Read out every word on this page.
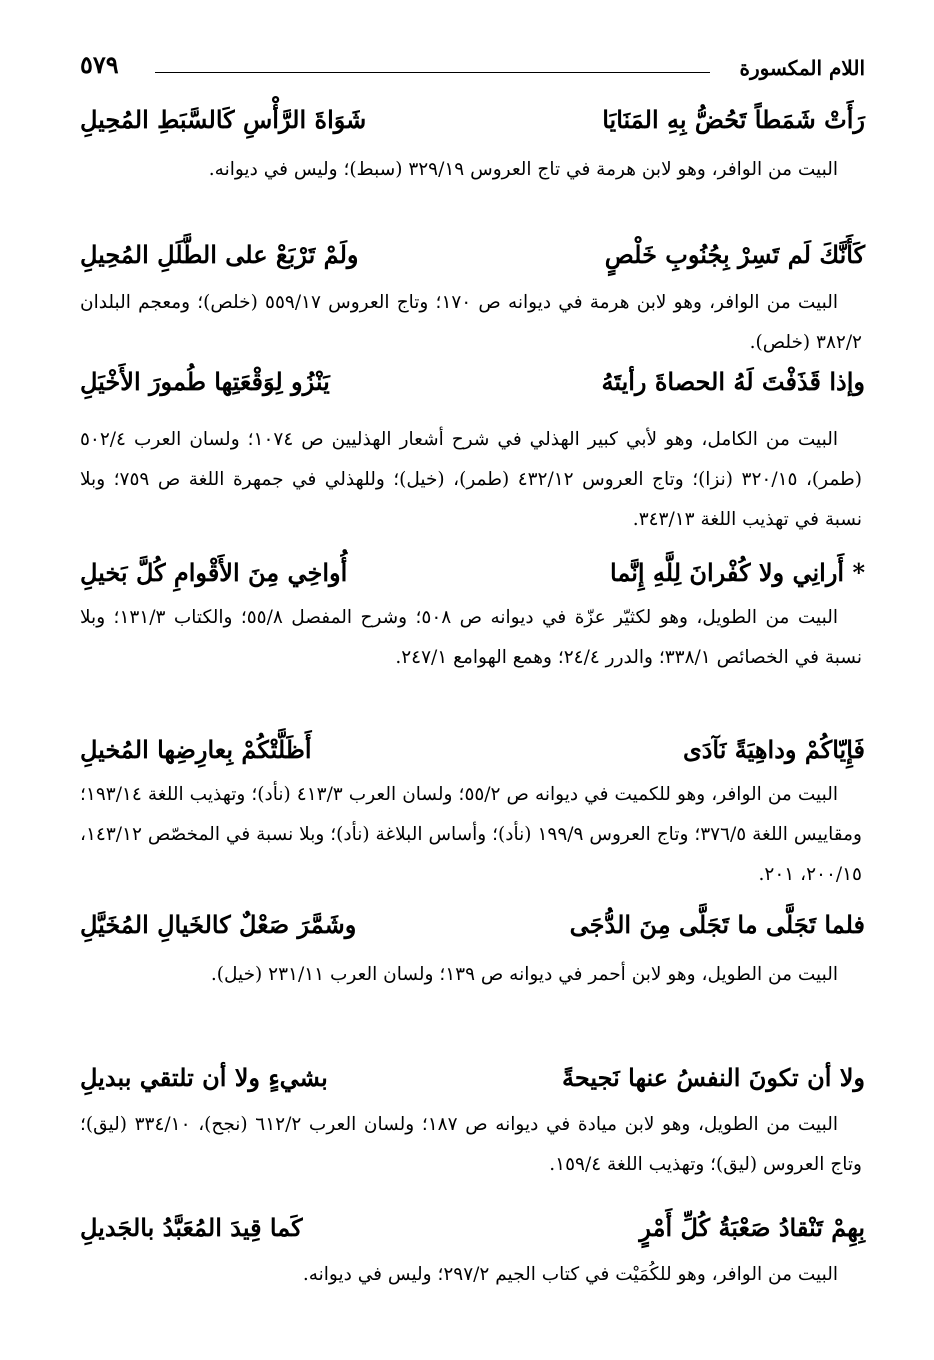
اللام المكسورة
٥٧٩
رَأَتْ شَمَطاً تَحُضُّ بِهِ المَنَايَا
شَوَاةَ الرَّأْسِ كَالسَّبَطِ المُحِيلِ

البيت من الوافر، وهو لابن هرمة في تاج العروس ٣٢٩/١٩ (سبط)؛ وليس في ديوانه.

كَأَنَّكَ لَم تَسِرْ بِجُنُوبِ خَلْصٍ
ولَمْ تَرْبَعْ على الطَّلَلِ المُحِيلِ

البيت من الوافر، وهو لابن هرمة في ديوانه ص ١٧٠؛ وتاج العروس ٥٥٩/١٧ (خلص)؛ ومعجم البلدان ٣٨٢/٢ (خلص).

وإذا قَذَفْتَ لَهُ الحصاةَ رأيتَهُ
يَنْزُو لِوَقْعَتِها طُمورَ الأَخْيَلِ

البيت من الكامل، وهو لأبي كبير الهذلي في شرح أشعار الهذليين ص ١٠٧٤؛ ولسان العرب ٥٠٢/٤ (طمر)، ٣٢٠/١٥ (نزا)؛ وتاج العروس ٤٣٢/١٢ (طمر)، (خيل)؛ وللهذلي في جمهرة اللغة ص ٧٥٩؛ وبلا نسبة في تهذيب اللغة ٣٤٣/١٣.

* أَرانِي ولا كُفْرانَ لِلَّهِ إِنَّما
أُواخِي مِنَ الأَقْوامِ كُلَّ بَخيلِ

البيت من الطويل، وهو لكثيّر عزّة في ديوانه ص ٥٠٨؛ وشرح المفصل ٥٥/٨؛ والكتاب ١٣١/٣؛ وبلا نسبة في الخصائص ٣٣٨/١؛ والدرر ٢٤/٤؛ وهمع الهوامع ٢٤٧/١.

فَإِيّاكُمْ وداهِيَةً نَآدَى
أَظَلَّتْكُمْ بِعارِضِها المُخيلِ

البيت من الوافر، وهو للكميت في ديوانه ص ٥٥/٢؛ ولسان العرب ٤١٣/٣ (نأد)؛ وتهذيب اللغة ١٩٣/١٤؛ ومقاييس اللغة ٣٧٦/٥؛ وتاج العروس ١٩٩/٩ (نأد)؛ وأساس البلاغة (نأد)؛ وبلا نسبة في المخصّص ١٤٣/١٢، ٢٠٠/١٥، ٢٠١.

فلما تَجَلَّى ما تَجَلَّى مِنَ الدُّجَى
وشَمَّرَ صَعْلٌ كالخَيالِ المُخَيَّلِ

البيت من الطويل، وهو لابن أحمر في ديوانه ص ١٣٩؛ ولسان العرب ٢٣١/١١ (خيل).

ولا أن تكونَ النفسُ عنها نَجيحةً
بشيءٍ ولا أن تلتقي ببديلِ

البيت من الطويل، وهو لابن ميادة في ديوانه ص ١٨٧؛ ولسان العرب ٦١٢/٢ (نجح)، ٣٣٤/١٠ (ليق)؛ وتاج العروس (ليق)؛ وتهذيب اللغة ١٥٩/٤.

بِهِمْ تَنْقادُ صَعْبَةُ كُلِّ أَمْرٍ
كَما قِيدَ المُعَبَّدُ بالجَديلِ

البيت من الوافر، وهو للكُمَيْت في كتاب الجيم ٢٩٧/٢؛ وليس في ديوانه.
